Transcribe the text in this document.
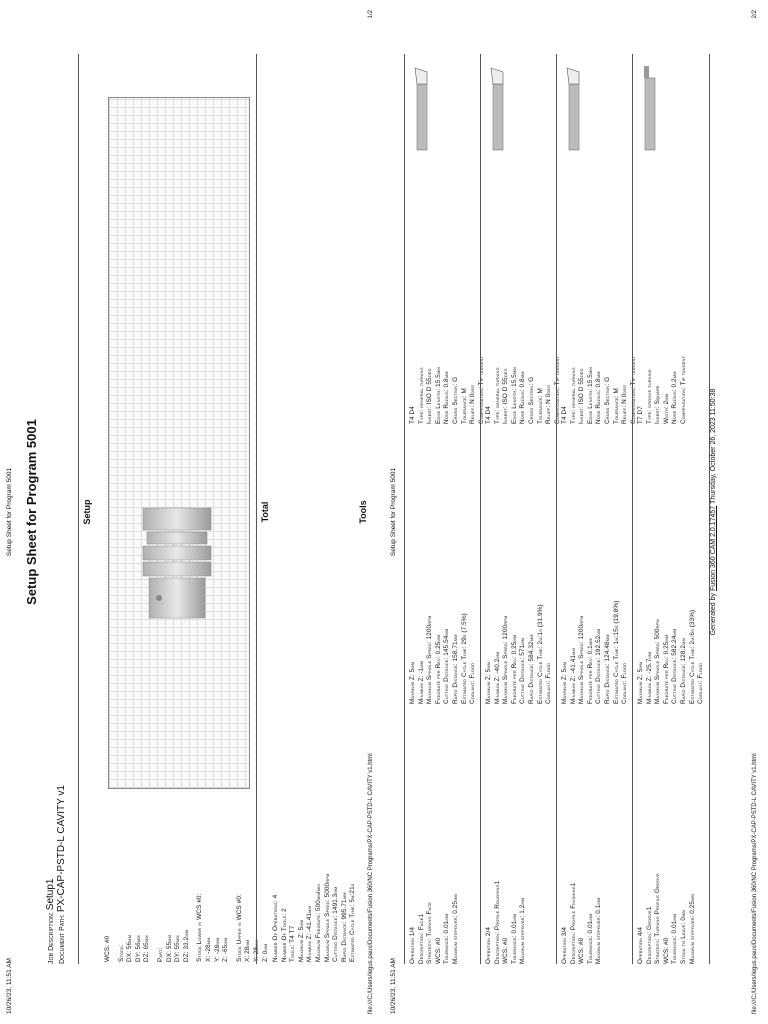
10/26/23, 11:51 AM
Setup Sheet for Program 5001 Setup Sheet for Program 5001
Job Description: Setup1
Document Path: PX-CAP-PSTD-L CAVITY v1
Setup
WCS: #0 Stock: DX: 56mm DY: 56mm DZ: 65mm Part: DX: 55mm DY: 55mm DZ: 33.2mm Stock Lower in WCS #0: X: -28mm Y: -28mm Z: -65mm Stock Upper in WCS #0: X: 28mm Y: 28mm Z: 0mm
Total
Number Of Operations: 4 Number Of Tools: 2 Tools: T4 T7 Maximum Z: 5mm Minimum Z: -41.41mm Maximum Feedrate: 500mm/min Maximum Spindle Speed: 5000rpm Cutting Distance: 1491.3mm Rapid Distance: 995.71mm Estimated Cycle Time: 5m:21s
Tools
file:///C:/Users/legus.paux/Documents/Fusion 360/NC Programs/PX-CAP-PSTD-L CAVITY v1.html
1/2
10/26/23, 11:51 AM
Setup Sheet for Program 5001
Operation 1/4 Description: Face1 Strategy: Turning Face WCS: #0 Tolerance: 0.01mm Maximum stepover: 0.25mm
Maximum Z: 5mm Minimum Z: -1mm Maximum Spindle Speed: 1200rpm Feedrate per Rev: 0.25mm Cutting Distance: 145.54mm Rapid Distance: 158.71mm Estimated Cycle Time: 29s (7.5%) Coolant: Flood
T4 D4 Type: general turning Insert: ISO D 55deg Edge Length: 15.5mm Nose Radius: 0.8mm Cross Section: G Tolerance: M Relief: N 0deg Compensation: Tip tangent
Operation 2/4 Description: Profile Roughing1 WCS: #0 Tolerance: 0.01mm Maximum stepover: 1.2mm
Maximum Z: 5mm Minimum Z: -40.2mm Maximum Spindle Speed: 1200rpm Feedrate per Rev: 0.25mm Cutting Distance: 571mm Rapid Distance: 584.32mm Estimated Cycle Time: 2m:1s (31.9%) Coolant: Flood
T4 D4 Type: general turning Insert: ISO D 55deg Edge Length: 15.5mm Nose Radius: 0.8mm Cross Section: G Tolerance: M Relief: N 0deg Compensation: Tip tangent
Operation 3/4 Description: Profile Finishing1 WCS: #0 Tolerance: 0.01mm Maximum stepover: 0.1mm
Maximum Z: 5mm Minimum Z: -41.41mm Maximum Spindle Speed: 1200rpm Feedrate per Rev: 0.1mm Cutting Distance: 192.52mm Rapid Distance: 124.48mm Estimated Cycle Time: 1m:15s (19.8%) Coolant: Flood
T4 D4 Type: general turning Insert: ISO D 55deg Edge Length: 15.5mm Nose Radius: 0.8mm Cross Section: G Tolerance: M Relief: N 0deg Compensation: Tip tangent
Operation 4/4 Description: Groove1 Strategy: Turning Profile Groove WCS: #0 Tolerance: 0.01mm Stock to Leave: 0mm Maximum stepover: 0.25mm
Maximum Z: 5mm Minimum Z: -25.7mm Maximum Spindle Speed: 500rpm Feedrate per Rev: 0.25mm Cutting Distance: 582.24mm Rapid Distance: 128.2mm Estimated Cycle Time: 2m:6s (33%) Coolant: Flood
T7 D7 Type: groove turning Insert: Square Width: 2mm Nose Radius: 0.2mm Compensation: Tip tangent
Generated by Fusion 360 CAM 2.0.17457 Thursday, October 26, 2023 11:50:38
file:///C:/Users/legus.paux/Documents/Fusion 360/NC Programs/PX-CAP-PSTD-L CAVITY v1.html
2/2
